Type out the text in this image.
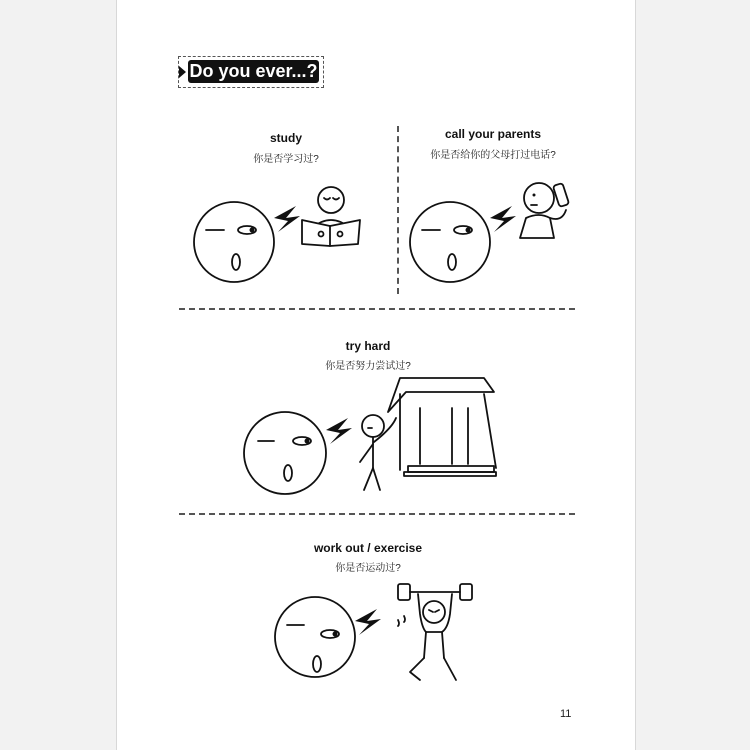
Do you ever...?
study
你是否学习过?
call your parents
你是否给你的父母打过电话?
try hard
你是否努力尝试过?
work out / exercise
你是否运动过?
11
